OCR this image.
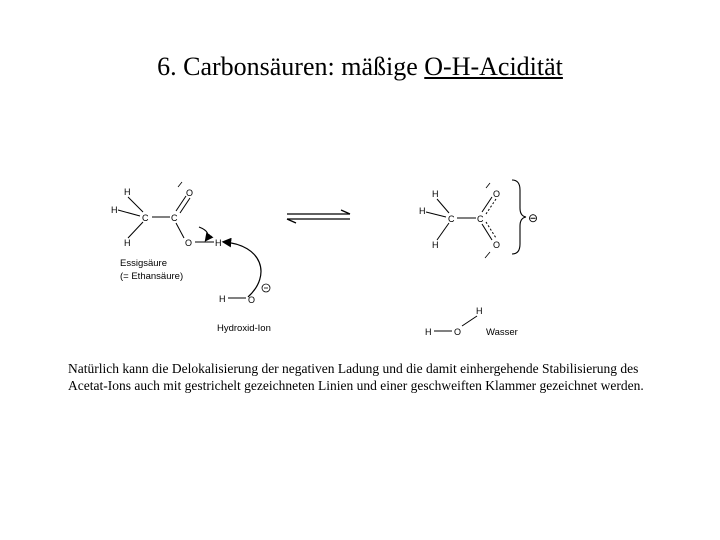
6. Carbonsäuren: mäßige O-H-Acidität
H
H
H
C	C
O
O	H
Essigsäure
(= Ethansäure)
H	O
Hydroxid-Ion
H
H
H
C	C
O
O
⊖
H
H	O	Wasser
Natürlich kann die Delokalisierung der negativen Ladung und die damit einhergehende Stabilisierung des Acetat-Ions auch mit gestrichelt gezeichneten Linien und einer geschweiften Klammer gezeichnet werden.
